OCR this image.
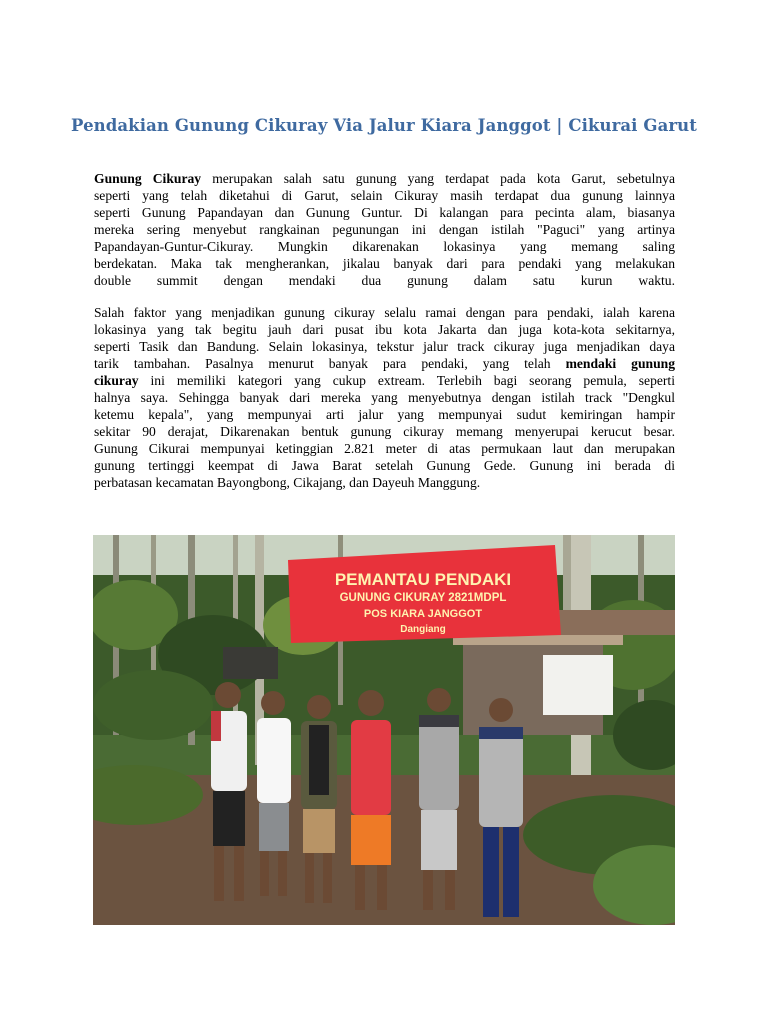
Pendakian Gunung Cikuray Via Jalur Kiara Janggot | Cikurai Garut
Gunung Cikuray merupakan salah satu gunung yang terdapat pada kota Garut, sebetulnya
seperti yang telah diketahui di Garut, selain Cikuray masih terdapat dua gunung lainnya
seperti Gunung Papandayan dan Gunung Guntur. Di kalangan para pecinta alam, biasanya
mereka sering menyebut rangkainan pegunungan ini dengan istilah "Paguci" yang artinya
Papandayan-Guntur-Cikuray. Mungkin dikarenakan lokasinya yang memang saling
berdekatan. Maka tak mengherankan, jikalau banyak dari para pendaki yang melakukan
double summit dengan mendaki dua gunung dalam satu kurun waktu.
Salah faktor yang menjadikan gunung cikuray selalu ramai dengan para pendaki, ialah karena
lokasinya yang tak begitu jauh dari pusat ibu kota Jakarta dan juga kota-kota sekitarnya,
seperti Tasik dan Bandung. Selain lokasinya, tekstur jalur track cikuray juga menjadikan daya
tarik tambahan. Pasalnya menurut banyak para pendaki, yang telah mendaki gunung
cikuray ini memiliki kategori yang cukup extream. Terlebih bagi seorang pemula, seperti
halnya saya. Sehingga banyak dari mereka yang menyebutnya dengan istilah track "Dengkul
ketemu kepala", yang mempunyai arti jalur yang mempunyai sudut kemiringan hampir
sekitar 90 derajat, Dikarenakan bentuk gunung cikuray memang menyerupai kerucut besar.
Gunung Cikurai mempunyai ketinggian 2.821 meter di atas permukaan laut dan merupakan
gunung tertinggi keempat di Jawa Barat setelah Gunung Gede. Gunung ini berada di
perbatasan kecamatan Bayongbong, Cikajang, dan Dayeuh Manggung.
PEMANTAU PENDAKI
GUNUNG CIKURAY 2821MDPL
POS KIARA JANGGOT
Dangiang
